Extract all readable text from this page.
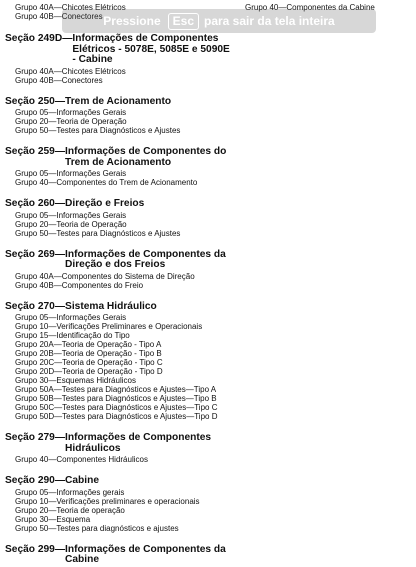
Grupo 40A—Chicotes Elétricos
Grupo 40B—Conectores
Seção 249D— Informações de Componentes Elétricos - 5078E, 5085E e 5090E - Cabine
Grupo 40A—Chicotes Elétricos
Grupo 40B—Conectores
Seção 250— Trem de Acionamento
Grupo 05—Informações Gerais
Grupo 20—Teoria de Operação
Grupo 50—Testes para Diagnósticos e Ajustes
Seção 259— Informações de Componentes do Trem de Acionamento
Grupo 05—Informações Gerais
Grupo 40—Componentes do Trem de Acionamento
Seção 260— Direção e Freios
Grupo 05—Informações Gerais
Grupo 20—Teoria de Operação
Grupo 50—Testes para Diagnósticos e Ajustes
Seção 269— Informações de Componentes da Direção e dos Freios
Grupo 40A—Componentes do Sistema de Direção
Grupo 40B—Componentes do Freio
Seção 270— Sistema Hidráulico
Grupo 05—Informações Gerais
Grupo 10—Verificações Preliminares e Operacionais
Grupo 15—Identificação do Tipo
Grupo 20A—Teoria de Operação - Tipo A
Grupo 20B—Teoria de Operação - Tipo B
Grupo 20C—Teoria de Operação - Tipo C
Grupo 20D—Teoria de Operação - Tipo D
Grupo 30—Esquemas Hidráulicos
Grupo 50A—Testes para Diagnósticos e Ajustes—Tipo A
Grupo 50B—Testes para Diagnósticos e Ajustes—Tipo B
Grupo 50C—Testes para Diagnósticos e Ajustes—Tipo C
Grupo 50D—Testes para Diagnósticos e Ajustes—Tipo D
Seção 279— Informações de Componentes Hidráulicos
Grupo 40—Componentes Hidráulicos
Seção 290— Cabine
Grupo 05—Informações gerais
Grupo 10—Verificações preliminares e operacionais
Grupo 20—Teoria de operação
Grupo 30—Esquema
Grupo 50—Testes para diagnósticos e ajustes
Seção 299— Informações de Componentes da Cabine
Grupo 40—Componentes da Cabine
Pressione	Esc para sair da tela inteira
